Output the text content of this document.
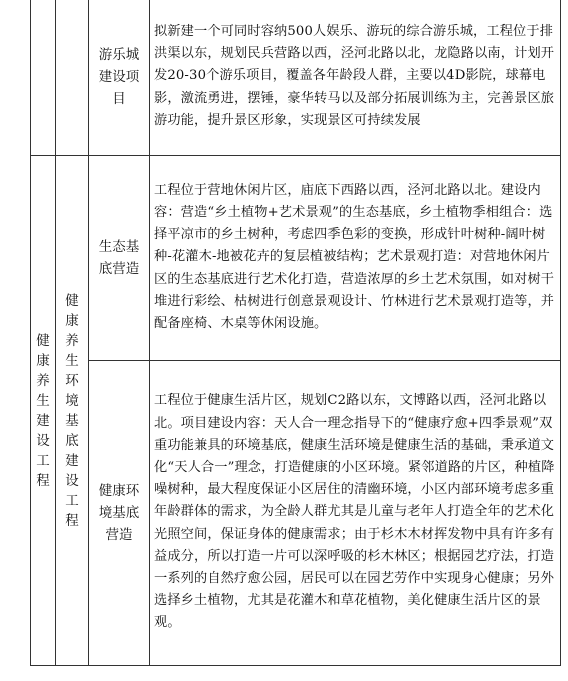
		游乐城建设项目	拟新建一个可同时容纳500人娱乐、游玩的综合游乐城，工程位于排洪渠以东，规划民兵营路以西，泾河北路以北，龙隐路以南，计划开发20-30个游乐项目，覆盖各年龄段人群，主要以4D影院，球幕电影，激流勇进，摆锤，豪华转马以及部分拓展训练为主，完善景区旅游功能，提升景区形象，实现景区可持续发展

健康养生建设工程	健康养生环境基底建设工程	生态基底营造	工程位于营地休闲片区，庙底下西路以西，泾河北路以北。建设内容：营造“乡土植物+艺术景观”的生态基底，乡土植物季相组合：选择平凉市的乡土树种，考虑四季色彩的变换，形成针叶树种-阔叶树种-花灌木-地被花卉的复层植被结构；艺术景观打造：对营地休闲片区的生态基底进行艺术化打造，营造浓厚的乡土艺术氛围，如对树干堆进行彩绘、枯树进行创意景观设计、竹林进行艺术景观打造等，并配备座椅、木桌等休闲设施。

		健康环境基底营造	工程位于健康生活片区，规划C2路以东，文博路以西，泾河北路以北。项目建设内容：天人合一理念指导下的“健康疗愈+四季景观”双重功能兼具的环境基底，健康生活环境是健康生活的基础，秉承道文化“天人合一”理念，打造健康的小区环境。紧邻道路的片区，种植降噪树种，最大程度保证小区居住的清幽环境，小区内部环境考虑多重年龄群体的需求，为全龄人群尤其是儿童与老年人打造全年的艺术化光照空间，保证身体的健康需求；由于杉木木材挥发物中具有许多有益成分，所以打造一片可以深呼吸的杉木林区；根据园艺疗法，打造一系列的自然疗愈公园，居民可以在园艺劳作中实现身心健康；另外选择乡土植物，尤其是花灌木和草花植物，美化健康生活片区的景观。
